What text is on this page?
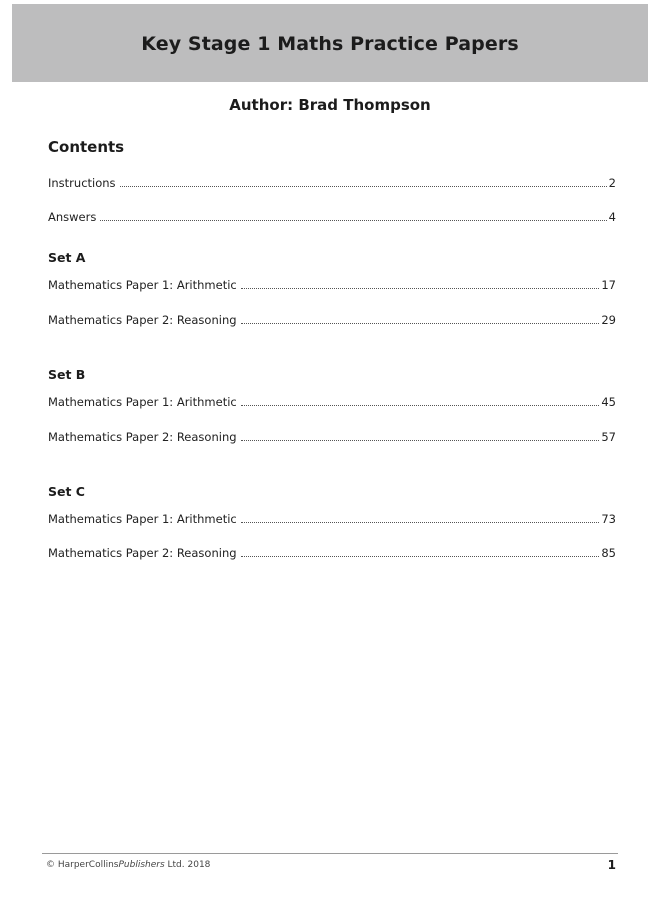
Key Stage 1 Maths Practice Papers
Author: Brad Thompson
Contents
Instructions	2
Answers	4
Set A
Mathematics Paper 1: Arithmetic	17
Mathematics Paper 2: Reasoning	29
Set B
Mathematics Paper 1: Arithmetic	45
Mathematics Paper 2: Reasoning	57
Set C
Mathematics Paper 1: Arithmetic	73
Mathematics Paper 2: Reasoning	85
© HarperCollinsPublishers Ltd. 2018	1
